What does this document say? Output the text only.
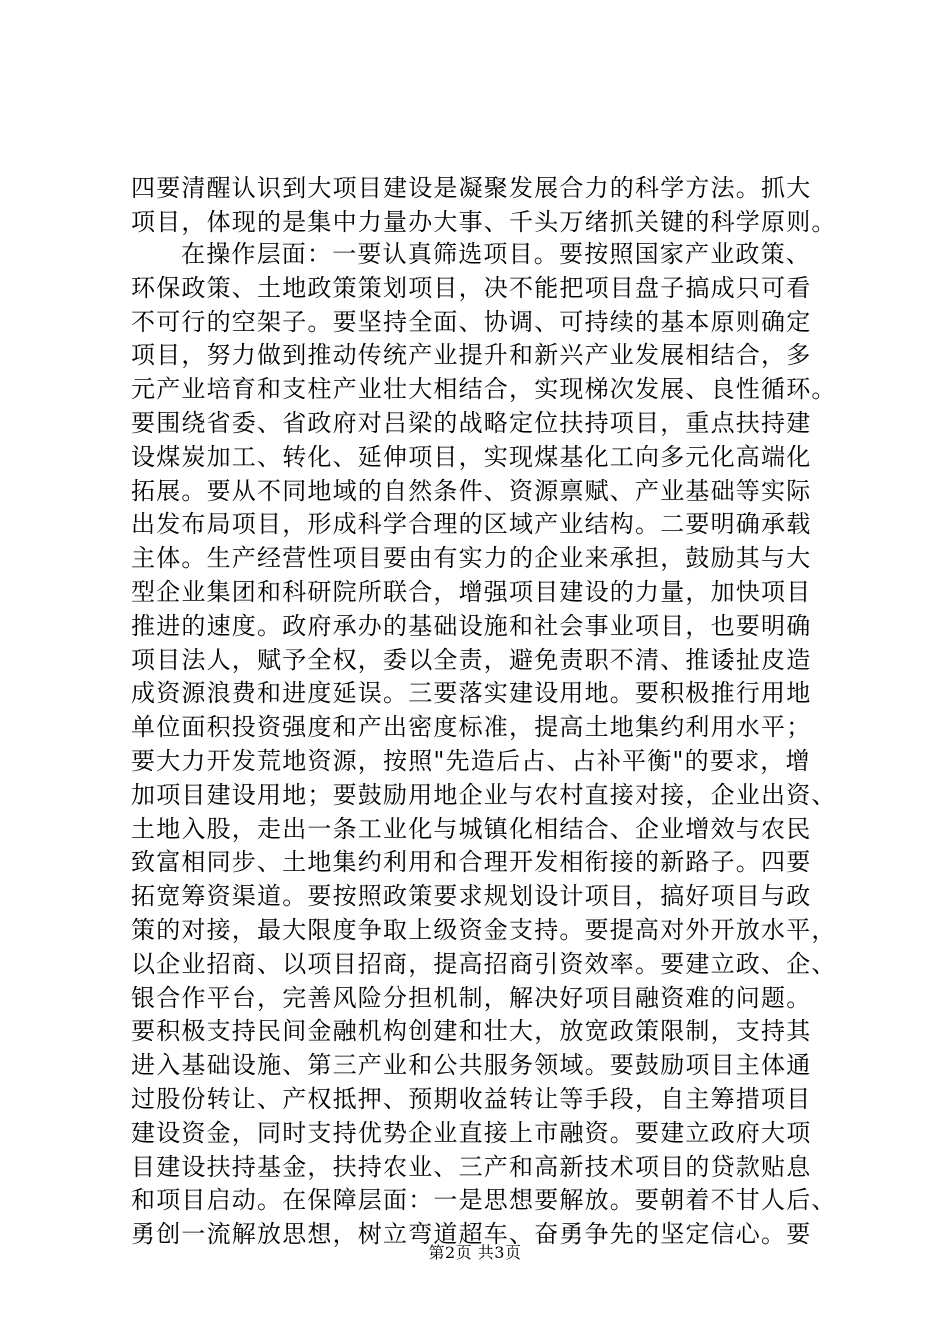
四要清醒认识到大项目建设是凝聚发展合力的科学方法。抓大
项目，体现的是集中力量办大事、千头万绪抓关键的科学原则。
在操作层面：一要认真筛选项目。要按照国家产业政策、
环保政策、土地政策策划项目，决不能把项目盘子搞成只可看
不可行的空架子。要坚持全面、协调、可持续的基本原则确定
项目，努力做到推动传统产业提升和新兴产业发展相结合，多
元产业培育和支柱产业壮大相结合，实现梯次发展、良性循环。
要围绕省委、省政府对吕梁的战略定位扶持项目，重点扶持建
设煤炭加工、转化、延伸项目，实现煤基化工向多元化高端化
拓展。要从不同地域的自然条件、资源禀赋、产业基础等实际
出发布局项目，形成科学合理的区域产业结构。二要明确承载
主体。生产经营性项目要由有实力的企业来承担，鼓励其与大
型企业集团和科研院所联合，增强项目建设的力量，加快项目
推进的速度。政府承办的基础设施和社会事业项目，也要明确
项目法人，赋予全权，委以全责，避免责职不清、推诿扯皮造
成资源浪费和进度延误。三要落实建设用地。要积极推行用地
单位面积投资强度和产出密度标准，提高土地集约利用水平；
要大力开发荒地资源，按照"先造后占、占补平衡"的要求，增
加项目建设用地；要鼓励用地企业与农村直接对接，企业出资、
土地入股，走出一条工业化与城镇化相结合、企业增效与农民
致富相同步、土地集约利用和合理开发相衔接的新路子。四要
拓宽筹资渠道。要按照政策要求规划设计项目，搞好项目与政
策的对接，最大限度争取上级资金支持。要提高对外开放水平，
以企业招商、以项目招商，提高招商引资效率。要建立政、企、
银合作平台，完善风险分担机制，解决好项目融资难的问题。
要积极支持民间金融机构创建和壮大，放宽政策限制，支持其
进入基础设施、第三产业和公共服务领域。要鼓励项目主体通
过股份转让、产权抵押、预期收益转让等手段，自主筹措项目
建设资金，同时支持优势企业直接上市融资。要建立政府大项
目建设扶持基金，扶持农业、三产和高新技术项目的贷款贴息
和项目启动。在保障层面：一是思想要解放。要朝着不甘人后、
勇创一流解放思想，树立弯道超车、奋勇争先的坚定信心。要
第2页 共3页
